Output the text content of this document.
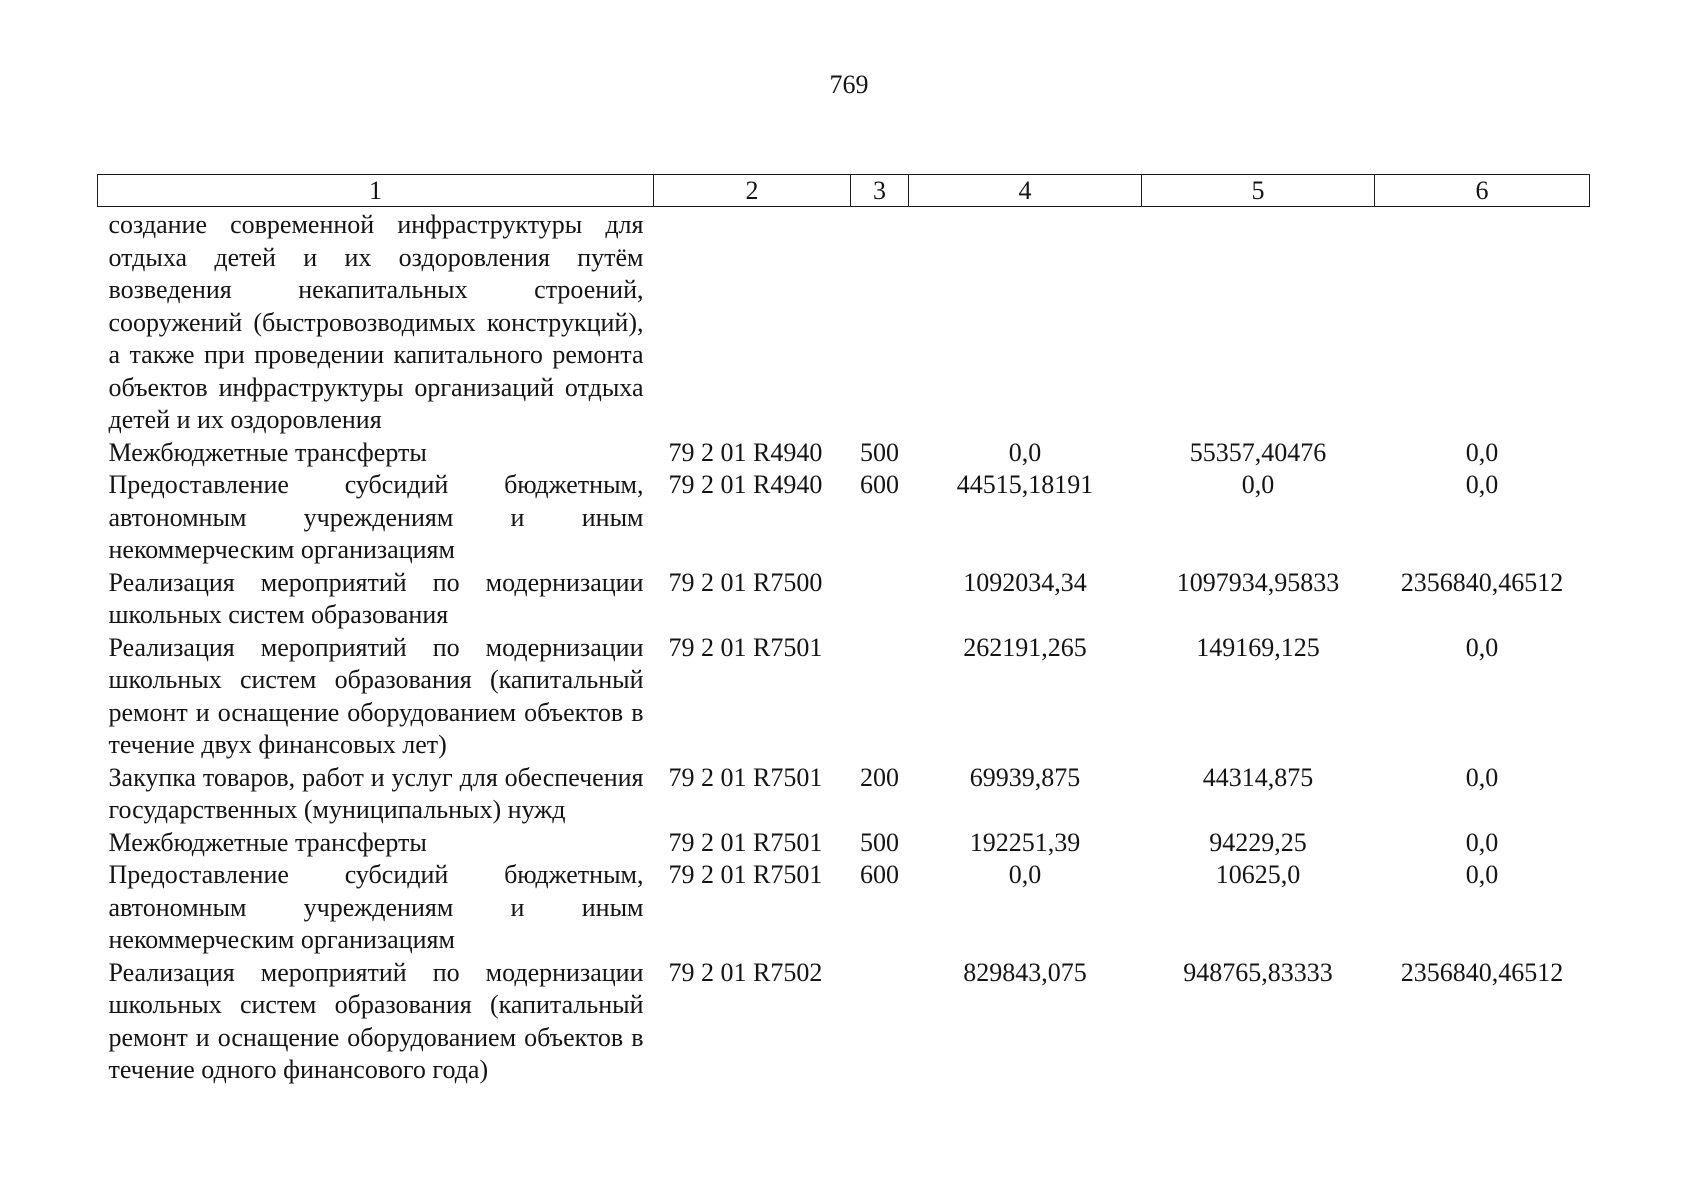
769
1	2	3	4	5	6
создание современной инфраструктуры для отдыха детей и их оздоровления путём возведения некапитальных строений, сооружений (быстровозводимых конструкций), а также при проведении капитального ремонта объектов инфраструктуры организаций отдыха детей и их оздоровления					
Межбюджетные трансферты	79 2 01 R4940	500	0,0	55357,40476	0,0
Предоставление субсидий бюджетным, автономным учреждениям и иным некоммерческим организациям	79 2 01 R4940	600	44515,18191	0,0	0,0
Реализация мероприятий по модернизации школьных систем образования	79 2 01 R7500		1092034,34	1097934,95833	2356840,46512
Реализация мероприятий по модернизации школьных систем образования (капитальный ремонт и оснащение оборудованием объектов в течение двух финансовых лет)	79 2 01 R7501		262191,265	149169,125	0,0
Закупка товаров, работ и услуг для обеспечения государственных (муниципальных) нужд	79 2 01 R7501	200	69939,875	44314,875	0,0
Межбюджетные трансферты	79 2 01 R7501	500	192251,39	94229,25	0,0
Предоставление субсидий бюджетным, автономным учреждениям и иным некоммерческим организациям	79 2 01 R7501	600	0,0	10625,0	0,0
Реализация мероприятий по модернизации школьных систем образования (капитальный ремонт и оснащение оборудованием объектов в течение одного финансового года)	79 2 01 R7502		829843,075	948765,83333	2356840,46512
